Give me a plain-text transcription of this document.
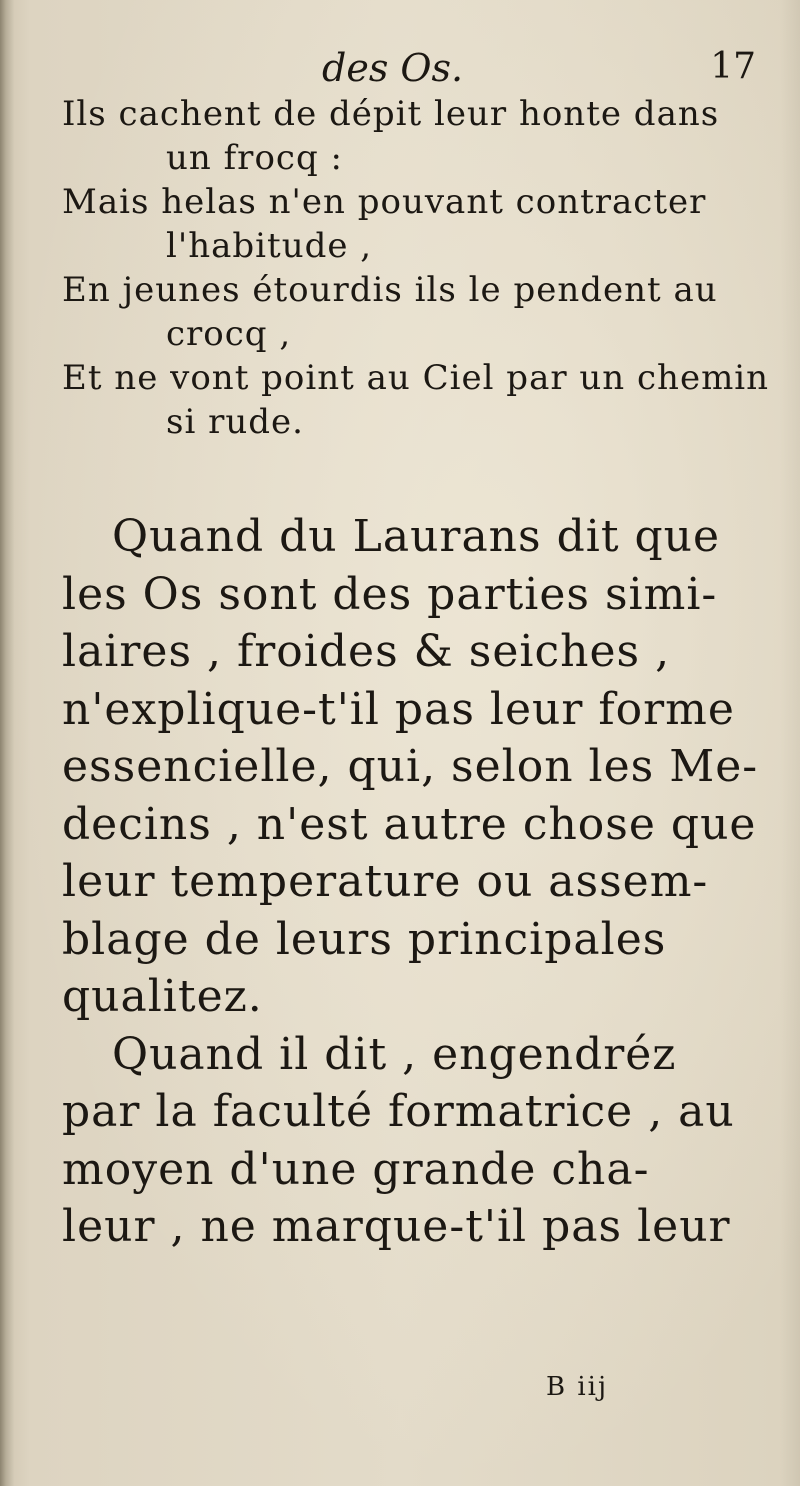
des Os.	17
Ils cachent de dépit leur honte dans
un frocq :
Mais helas n'en pouvant contracter
l'habitude ,
En jeunes étourdis ils le pendent au
crocq ,
Et ne vont point au Ciel par un chemin
si rude.
Quand du Laurans dit que
les Os sont des parties simi-
laires , froides & seiches ,
n'explique-t'il pas leur forme
essencielle, qui, selon les Me-
decins , n'est autre chose que
leur temperature ou assem-
blage de leurs principales
qualitez.
Quand il dit , engendréz
par la faculté formatrice , au
moyen d'une grande cha-
leur , ne marque-t'il pas leur
B iij
